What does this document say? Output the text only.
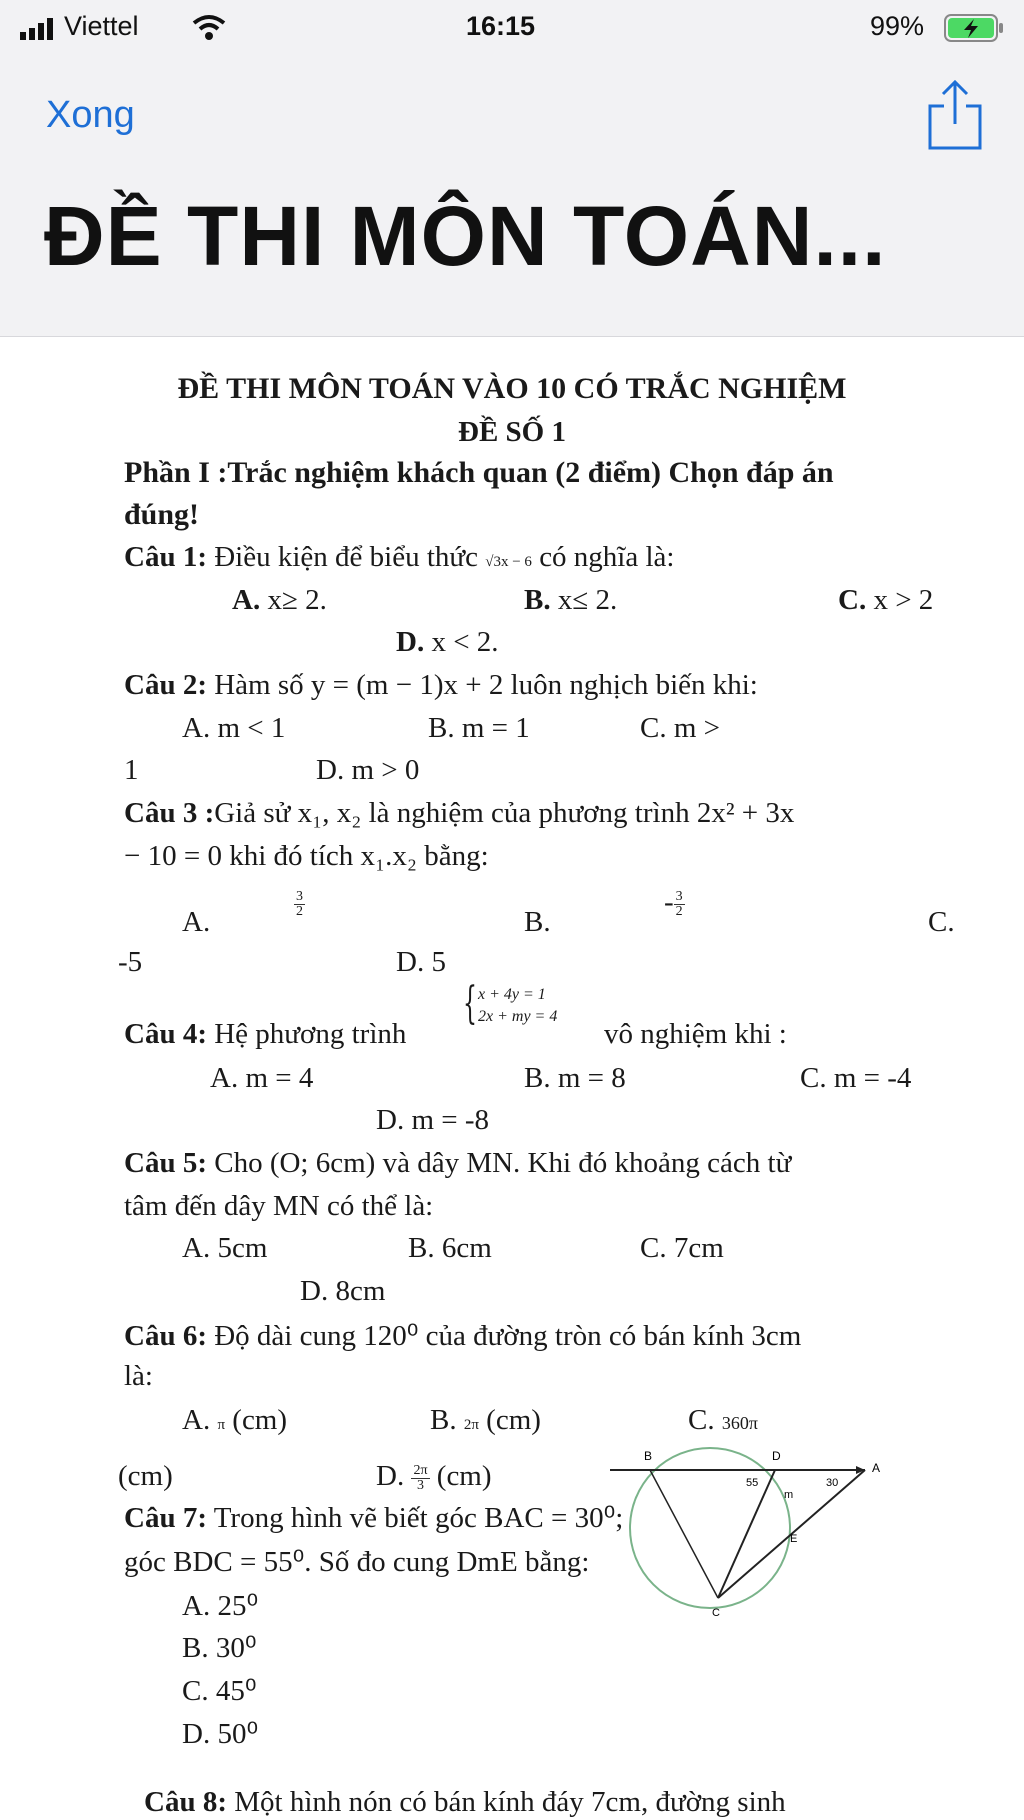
Viettel	16:15	99%
Xong
ĐỀ THI MÔN TOÁN...
ĐỀ THI MÔN TOÁN VÀO 10 CÓ TRẮC NGHIỆM
ĐỀ SỐ 1
Phần I :Trắc nghiệm khách quan (2 điểm) Chọn đáp án
đúng!
Câu 1: Điều kiện để biểu thức √3x − 6 có nghĩa là:
A. x≥ 2.	B. x≤ 2.	C. x > 2
D. x < 2.
Câu 2: Hàm số y = (m − 1)x + 2 luôn nghịch biến khi:
A. m < 1	B. m = 1	C. m >
1	D. m > 0
Câu 3 :Giả sử x₁, x₂ là nghiệm của phương trình 2x² + 3x
− 10 = 0 khi đó tích x₁.x₂ bằng:
A.
$\frac{3}{2}$
B.
- $\frac{3}{2}$
C.
-5	D. 5
Câu 4: Hệ phương trình
{ x + 4y = 1
2x + my = 4
vô nghiệm khi :
A. m = 4	B. m = 8	C. m = -4
D. m = -8
Câu 5: Cho (O; 6cm) và dây MN. Khi đó khoảng cách từ
tâm đến dây MN có thể là:
A. 5cm	B. 6cm	C. 7cm
D. 8cm
Câu 6: Độ dài cung 120⁰ của đường tròn có bán kính 3cm
là:
A. π (cm)	B. 2π (cm)	C. 360π
(cm)	D. $\frac{2\pi}{3} (cm)$
B	D
A
m
E
C
55	30
Câu 7: Trong hình vẽ biết góc BAC = 30⁰;
góc BDC = 55⁰. Số đo cung DmE bằng:
A. 25⁰
B. 30⁰
C. 45⁰
D. 50⁰
Câu 8: Một hình nón có bán kính đáy 7cm, đường sinh
